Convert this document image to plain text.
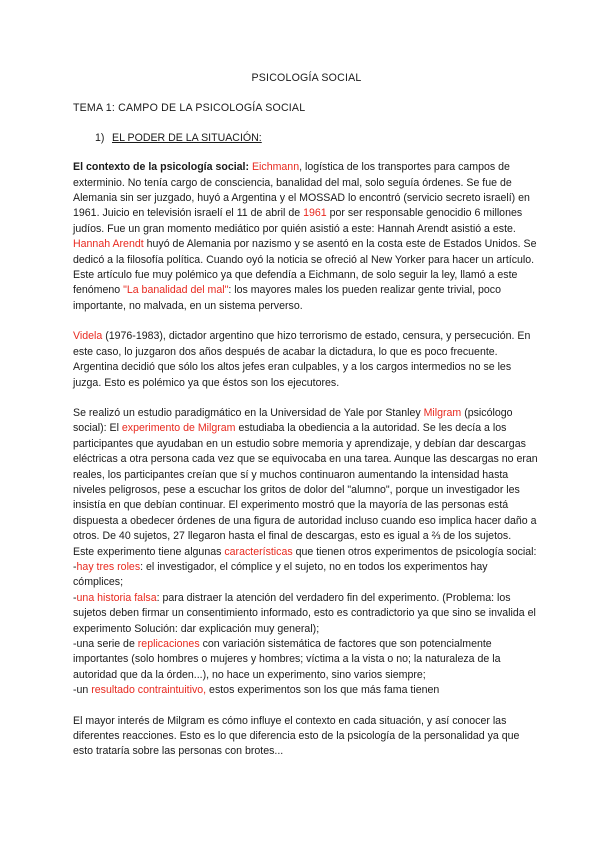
PSICOLOGÍA SOCIAL
TEMA 1: CAMPO DE LA PSICOLOGÍA SOCIAL
1) EL PODER DE LA SITUACIÓN:

El contexto de la psicología social: Eichmann, logística de los transportes para campos de exterminio. No tenía cargo de consciencia, banalidad del mal, solo seguía órdenes. Se fue de Alemania sin ser juzgado, huyó a Argentina y el MOSSAD lo encontró (servicio secreto israelí) en 1961. Juicio en televisión israelí el 11 de abril de 1961 por ser responsable genocidio 6 millones judíos. Fue un gran momento mediático por quién asistió a este: Hannah Arendt asistió a este.

Hannah Arendt huyó de Alemania por nazismo y se asentó en la costa este de Estados Unidos. Se dedicó a la filosofía política. Cuando oyó la noticia se ofreció al New Yorker para hacer un artículo. Este artículo fue muy polémico ya que defendía a Eichmann, de solo seguir la ley, llamó a este fenómeno "La banalidad del mal": los mayores males los pueden realizar gente trivial, poco importante, no malvada, en un sistema perverso.

Videla (1976-1983), dictador argentino que hizo terrorismo de estado, censura, y persecución. En este caso, lo juzgaron dos años después de acabar la dictadura, lo que es poco frecuente. Argentina decidió que sólo los altos jefes eran culpables, y a los cargos intermedios no se les juzga. Esto es polémico ya que éstos son los ejecutores.

Se realizó un estudio paradigmático en la Universidad de Yale por Stanley Milgram (psicólogo social): El experimento de Milgram estudiaba la obediencia a la autoridad. Se les decía a los participantes que ayudaban en un estudio sobre memoria y aprendizaje, y debían dar descargas eléctricas a otra persona cada vez que se equivocaba en una tarea. Aunque las descargas no eran reales, los participantes creían que sí y muchos continuaron aumentando la intensidad hasta niveles peligrosos, pese a escuchar los gritos de dolor del "alumno", porque un investigador les insistía en que debían continuar. El experimento mostró que la mayoría de las personas está dispuesta a obedecer órdenes de una figura de autoridad incluso cuando eso implica hacer daño a otros. De 40 sujetos, 27 llegaron hasta el final de descargas, esto es igual a ⅔ de los sujetos.

Este experimento tiene algunas características que tienen otros experimentos de psicología social:

-hay tres roles: el investigador, el cómplice y el sujeto, no en todos los experimentos hay cómplices;

-una historia falsa: para distraer la atención del verdadero fin del experimento. (Problema: los sujetos deben firmar un consentimiento informado, esto es contradictorio ya que sino se invalida el experimento Solución: dar explicación muy general);

-una serie de replicaciones con variación sistemática de factores que son potencialmente importantes (solo hombres o mujeres y hombres; víctima a la vista o no; la naturaleza de la autoridad que da la órden...), no hace un experimento, sino varios siempre;

-un resultado contraintuitivo, estos experimentos son los que más fama tienen

El mayor interés de Milgram es cómo influye el contexto en cada situación, y así conocer las diferentes reacciones. Esto es lo que diferencia esto de la psicología de la personalidad ya que esto trataría sobre las personas con brotes...
